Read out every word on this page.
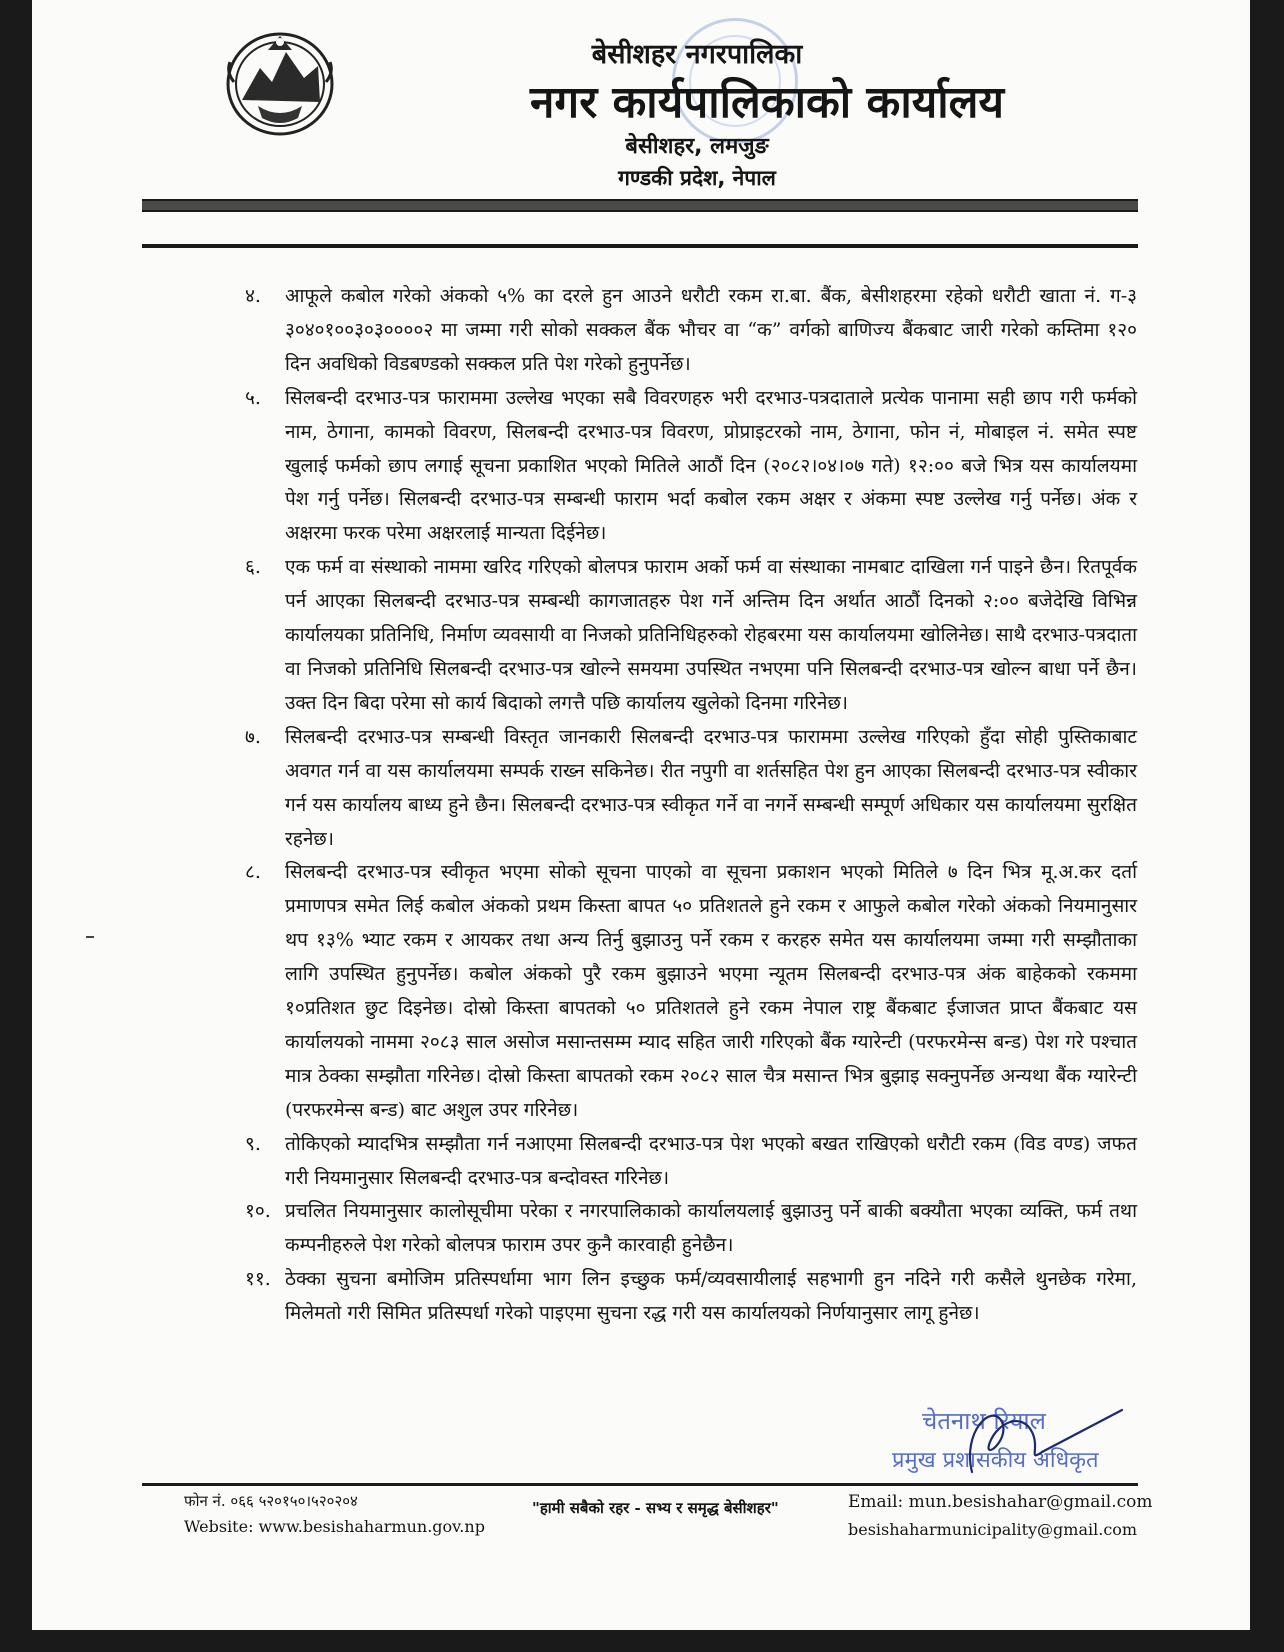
बेसीशहर नगरपालिका
नगर कार्यपालिकाको कार्यालय
बेसीशहर, लमजुङ
गण्डकी प्रदेश, नेपाल
४.	आफूले कबोल गरेको अंकको ५% का दरले हुन आउने धरौटी रकम रा.बा. बैंक, बेसीशहरमा रहेको धरौटी खाता नं. ग-३ ३०४०१००३०३००००२ मा जम्मा गरी सोको सक्कल बैंक भौचर वा “क” वर्गको बाणिज्य बैंकबाट जारी गरेको कम्तिमा १२० दिन अवधिको विडबण्डको सक्कल प्रति पेश गरेको हुनुपर्नेछ।
५.	सिलबन्दी दरभाउ-पत्र फाराममा उल्लेख भएका सबै विवरणहरु भरी दरभाउ-पत्रदाताले प्रत्येक पानामा सही छाप गरी फर्मको नाम, ठेगाना, कामको विवरण, सिलबन्दी दरभाउ-पत्र विवरण, प्रोप्राइटरको नाम, ठेगाना, फोन नं, मोबाइल नं. समेत स्पष्ट खुलाई फर्मको छाप लगाई सूचना प्रकाशित भएको मितिले आठौं दिन (२०८२।०४।०७ गते) १२:०० बजे भित्र यस कार्यालयमा पेश गर्नु पर्नेछ। सिलबन्दी दरभाउ-पत्र सम्बन्धी फाराम भर्दा कबोल रकम अक्षर र अंकमा स्पष्ट उल्लेख गर्नु पर्नेछ। अंक र अक्षरमा फरक परेमा अक्षरलाई मान्यता दिईनेछ।
६.	एक फर्म वा संस्थाको नाममा खरिद गरिएको बोलपत्र फाराम अर्को फर्म वा संस्थाका नामबाट दाखिला गर्न पाइने छैन। रितपूर्वक पर्न आएका सिलबन्दी दरभाउ-पत्र सम्बन्धी कागजातहरु पेश गर्ने अन्तिम दिन अर्थात आठौं दिनको २:०० बजेदेखि विभिन्न कार्यालयका प्रतिनिधि, निर्माण व्यवसायी वा निजको प्रतिनिधिहरुको रोहबरमा यस कार्यालयमा खोलिनेछ। साथै दरभाउ-पत्रदाता वा निजको प्रतिनिधि सिलबन्दी दरभाउ-पत्र खोल्ने समयमा उपस्थित नभएमा पनि सिलबन्दी दरभाउ-पत्र खोल्न बाधा पर्ने छैन। उक्त दिन बिदा परेमा सो कार्य बिदाको लगत्तै पछि कार्यालय खुलेको दिनमा गरिनेछ।
७.	सिलबन्दी दरभाउ-पत्र सम्बन्धी विस्तृत जानकारी सिलबन्दी दरभाउ-पत्र फाराममा उल्लेख गरिएको हुँदा सोही पुस्तिकाबाट अवगत गर्न वा यस कार्यालयमा सम्पर्क राख्न सकिनेछ। रीत नपुगी वा शर्तसहित पेश हुन आएका सिलबन्दी दरभाउ-पत्र स्वीकार गर्न यस कार्यालय बाध्य हुने छैन। सिलबन्दी दरभाउ-पत्र स्वीकृत गर्ने वा नगर्ने सम्बन्धी सम्पूर्ण अधिकार यस कार्यालयमा सुरक्षित रहनेछ।
८.	सिलबन्दी दरभाउ-पत्र स्वीकृत भएमा सोको सूचना पाएको वा सूचना प्रकाशन भएको मितिले ७ दिन भित्र मू.अ.कर दर्ता प्रमाणपत्र समेत लिई कबोल अंकको प्रथम किस्ता बापत ५० प्रतिशतले हुने रकम र आफुले कबोल गरेको अंकको नियमानुसार थप १३% भ्याट रकम र आयकर तथा अन्य तिर्नु बुझाउनु पर्ने रकम र करहरु समेत यस कार्यालयमा जम्मा गरी सम्झौताका लागि उपस्थित हुनुपर्नेछ। कबोल अंकको पुरै रकम बुझाउने भएमा न्यूतम सिलबन्दी दरभाउ-पत्र अंक बाहेकको रकममा १०प्रतिशत छुट दिइनेछ। दोस्रो किस्ता बापतको ५० प्रतिशतले हुने रकम नेपाल राष्ट्र बैंकबाट ईजाजत प्राप्त बैंकबाट यस कार्यालयको नाममा २०८३ साल असोज मसान्तसम्म म्याद सहित जारी गरिएको बैंक ग्यारेन्टी (परफरमेन्स बन्ड) पेश गरे पश्चात मात्र ठेक्का सम्झौता गरिनेछ। दोस्रो किस्ता बापतको रकम २०८२ साल चैत्र मसान्त भित्र बुझाइ सक्नुपर्नेछ अन्यथा बैंक ग्यारेन्टी (परफरमेन्स बन्ड) बाट अशुल उपर गरिनेछ।
९.	तोकिएको म्यादभित्र सम्झौता गर्न नआएमा सिलबन्दी दरभाउ-पत्र पेश भएको बखत राखिएको धरौटी रकम (विड वण्ड) जफत गरी नियमानुसार सिलबन्दी दरभाउ-पत्र बन्दोवस्त गरिनेछ।
१०. प्रचलित नियमानुसार कालोसूचीमा परेका र नगरपालिकाको कार्यालयलाई बुझाउनु पर्ने बाकी बक्यौता भएका व्यक्ति, फर्म तथा कम्पनीहरुले पेश गरेको बोलपत्र फाराम उपर कुनै कारवाही हुनेछैन।
११. ठेक्का सुचना बमोजिम प्रतिस्पर्धामा भाग लिन इच्छुक फर्म/व्यवसायीलाई सहभागी हुन नदिने गरी कसैले थुनछेक गरेमा, मिलेमतो गरी सिमित प्रतिस्पर्धा गरेको पाइएमा सुचना रद्ध गरी यस कार्यालयको निर्णयानुसार लागू हुनेछ।
चेतनाथ रियाल
प्रमुख प्रशासकीय अधिकृत
फोन नं. ०६६ ५२०१५०।५२०२०४
Website: www.besishaharmun.gov.np
"हामी सबैको रहर - सभ्य र समृद्ध बेसीशहर"	Email: mun.besishahar@gmail.com
besishaharmunicipality@gmail.com
